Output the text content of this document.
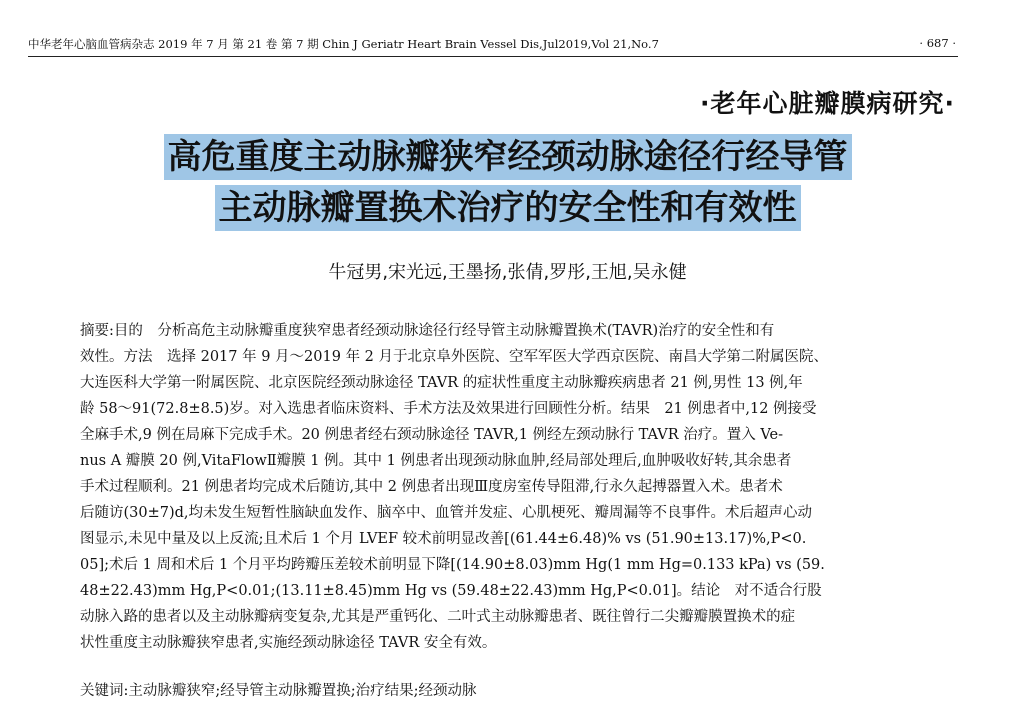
中华老年心脑血管病杂志 2019 年 7 月 第 21 卷 第 7 期 Chin J Geriatr Heart Brain Vessel Dis,Jul2019,Vol 21,No.7	· 687 ·
·老年心脏瓣膜病研究·
高危重度主动脉瓣狭窄经颈动脉途径行经导管
主动脉瓣置换术治疗的安全性和有效性
牛冠男,宋光远,王墨扬,张倩,罗彤,王旭,吴永健
摘要:目的　分析高危主动脉瓣重度狭窄患者经颈动脉途径行经导管主动脉瓣置换术(TAVR)治疗的安全性和有
效性。方法　选择 2017 年 9 月～2019 年 2 月于北京阜外医院、空军军医大学西京医院、南昌大学第二附属医院、
大连医科大学第一附属医院、北京医院经颈动脉途径 TAVR 的症状性重度主动脉瓣疾病患者 21 例,男性 13 例,年
龄 58～91(72.8±8.5)岁。对入选患者临床资料、手术方法及效果进行回顾性分析。结果　21 例患者中,12 例接受
全麻手术,9 例在局麻下完成手术。20 例患者经右颈动脉途径 TAVR,1 例经左颈动脉行 TAVR 治疗。置入 Ve-
nus A 瓣膜 20 例,VitaFlowⅡ瓣膜 1 例。其中 1 例患者出现颈动脉血肿,经局部处理后,血肿吸收好转,其余患者
手术过程顺利。21 例患者均完成术后随访,其中 2 例患者出现Ⅲ度房室传导阻滞,行永久起搏器置入术。患者术
后随访(30±7)d,均未发生短暂性脑缺血发作、脑卒中、血管并发症、心肌梗死、瓣周漏等不良事件。术后超声心动
图显示,未见中量及以上反流;且术后 1 个月 LVEF 较术前明显改善[(61.44±6.48)% vs (51.90±13.17)%,P<0.
05];术后 1 周和术后 1 个月平均跨瓣压差较术前明显下降[(14.90±8.03)mm Hg(1 mm Hg=0.133 kPa) vs (59.
48±22.43)mm Hg,P<0.01;(13.11±8.45)mm Hg vs (59.48±22.43)mm Hg,P<0.01]。结论　对不适合行股
动脉入路的患者以及主动脉瓣病变复杂,尤其是严重钙化、二叶式主动脉瓣患者、既往曾行二尖瓣瓣膜置换术的症
状性重度主动脉瓣狭窄患者,实施经颈动脉途径 TAVR 安全有效。
关键词:主动脉瓣狭窄;经导管主动脉瓣置换;治疗结果;经颈动脉
